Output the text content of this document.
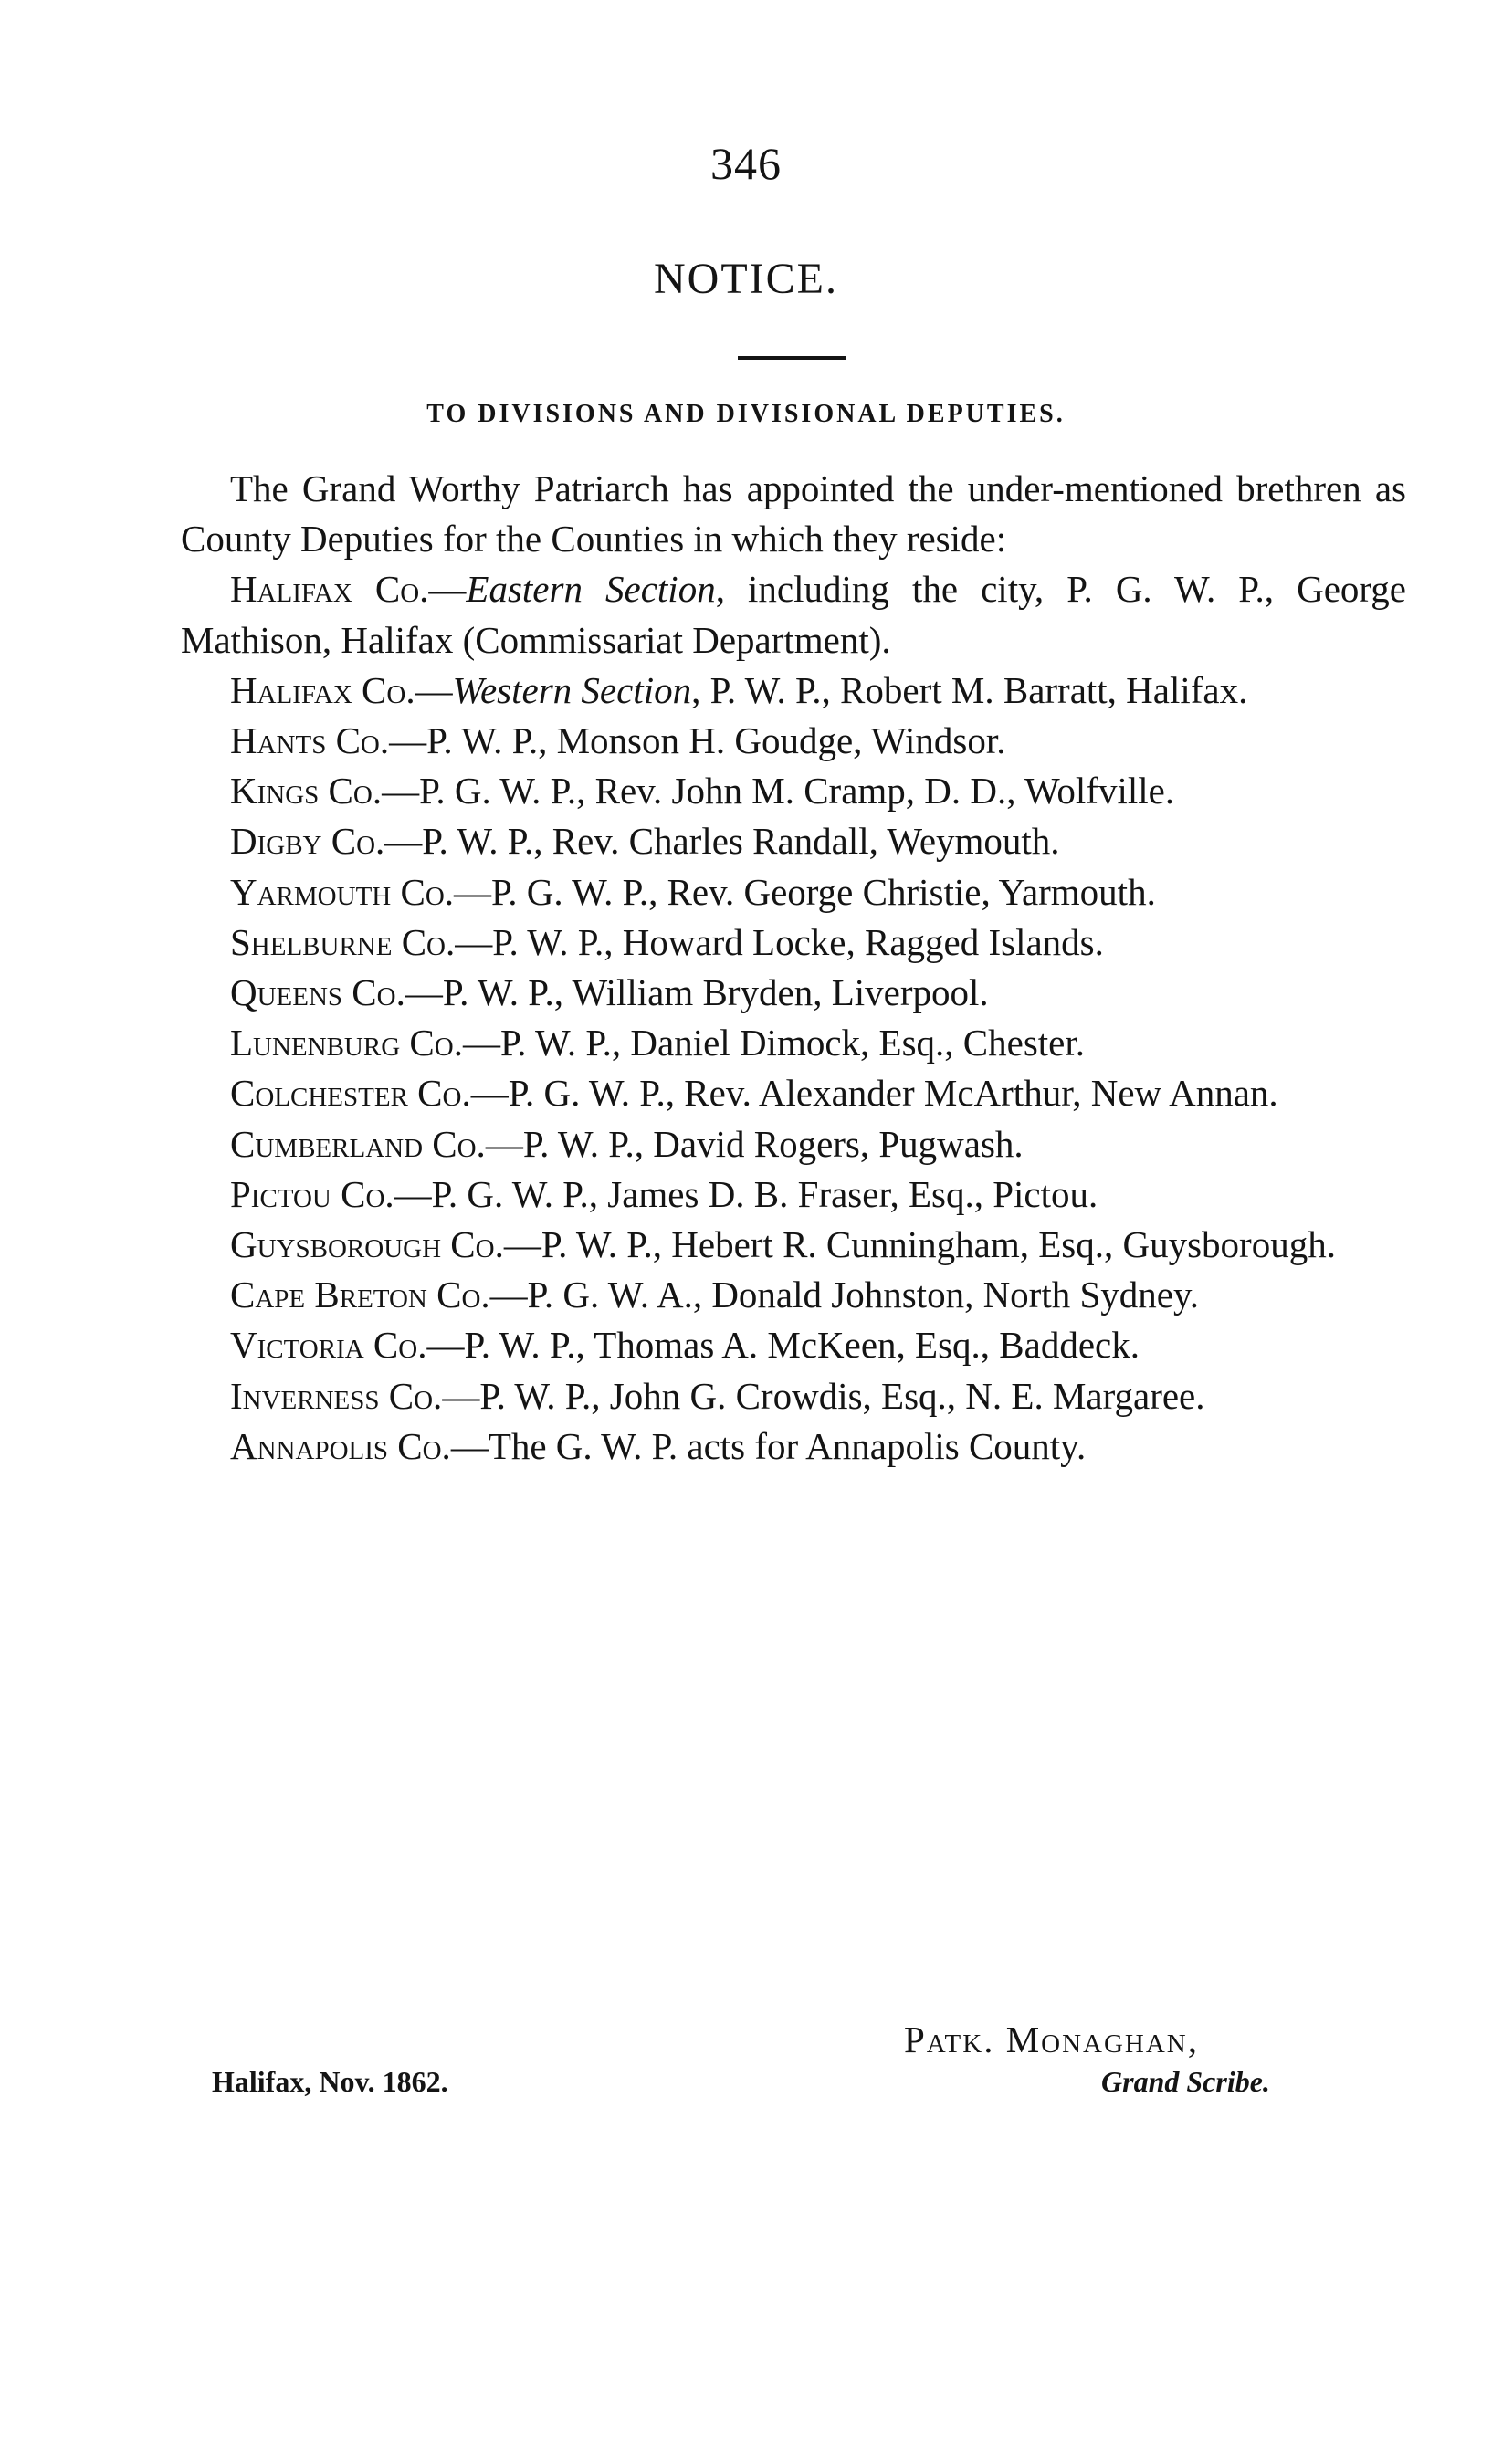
346
NOTICE.
TO DIVISIONS AND DIVISIONAL DEPUTIES.

The Grand Worthy Patriarch has appointed the under-mentioned brethren as County Deputies for the Counties in which they reside:

Halifax Co.—Eastern Section, including the city, P. G. W. P., George Mathison, Halifax (Commissariat Department).

Halifax Co.—Western Section, P. W. P., Robert M. Barratt, Halifax.

Hants Co.—P. W. P., Monson H. Goudge, Windsor.

Kings Co.—P. G. W. P., Rev. John M. Cramp, D. D., Wolfville.

Digby Co.—P. W. P., Rev. Charles Randall, Weymouth.

Yarmouth Co.—P. G. W. P., Rev. George Christie, Yarmouth.

Shelburne Co.—P. W. P., Howard Locke, Ragged Islands.

Queens Co.—P. W. P., William Bryden, Liverpool.

Lunenburg Co.—P. W. P., Daniel Dimock, Esq., Chester.

Colchester Co.—P. G. W. P., Rev. Alexander McArthur, New Annan.

Cumberland Co.—P. W. P., David Rogers, Pugwash.

Pictou Co.—P. G. W. P., James D. B. Fraser, Esq., Pictou.

Guysborough Co.—P. W. P., Hebert R. Cunningham, Esq., Guysborough.

Cape Breton Co.—P. G. W. A., Donald Johnston, North Sydney.

Victoria Co.—P. W. P., Thomas A. McKeen, Esq., Baddeck.

Inverness Co.—P. W. P., John G. Crowdis, Esq., N. E. Margaree.

Annapolis Co.—The G. W. P. acts for Annapolis County.

Patk. Monaghan,
Halifax, Nov. 1862.	Grand Scribe.
